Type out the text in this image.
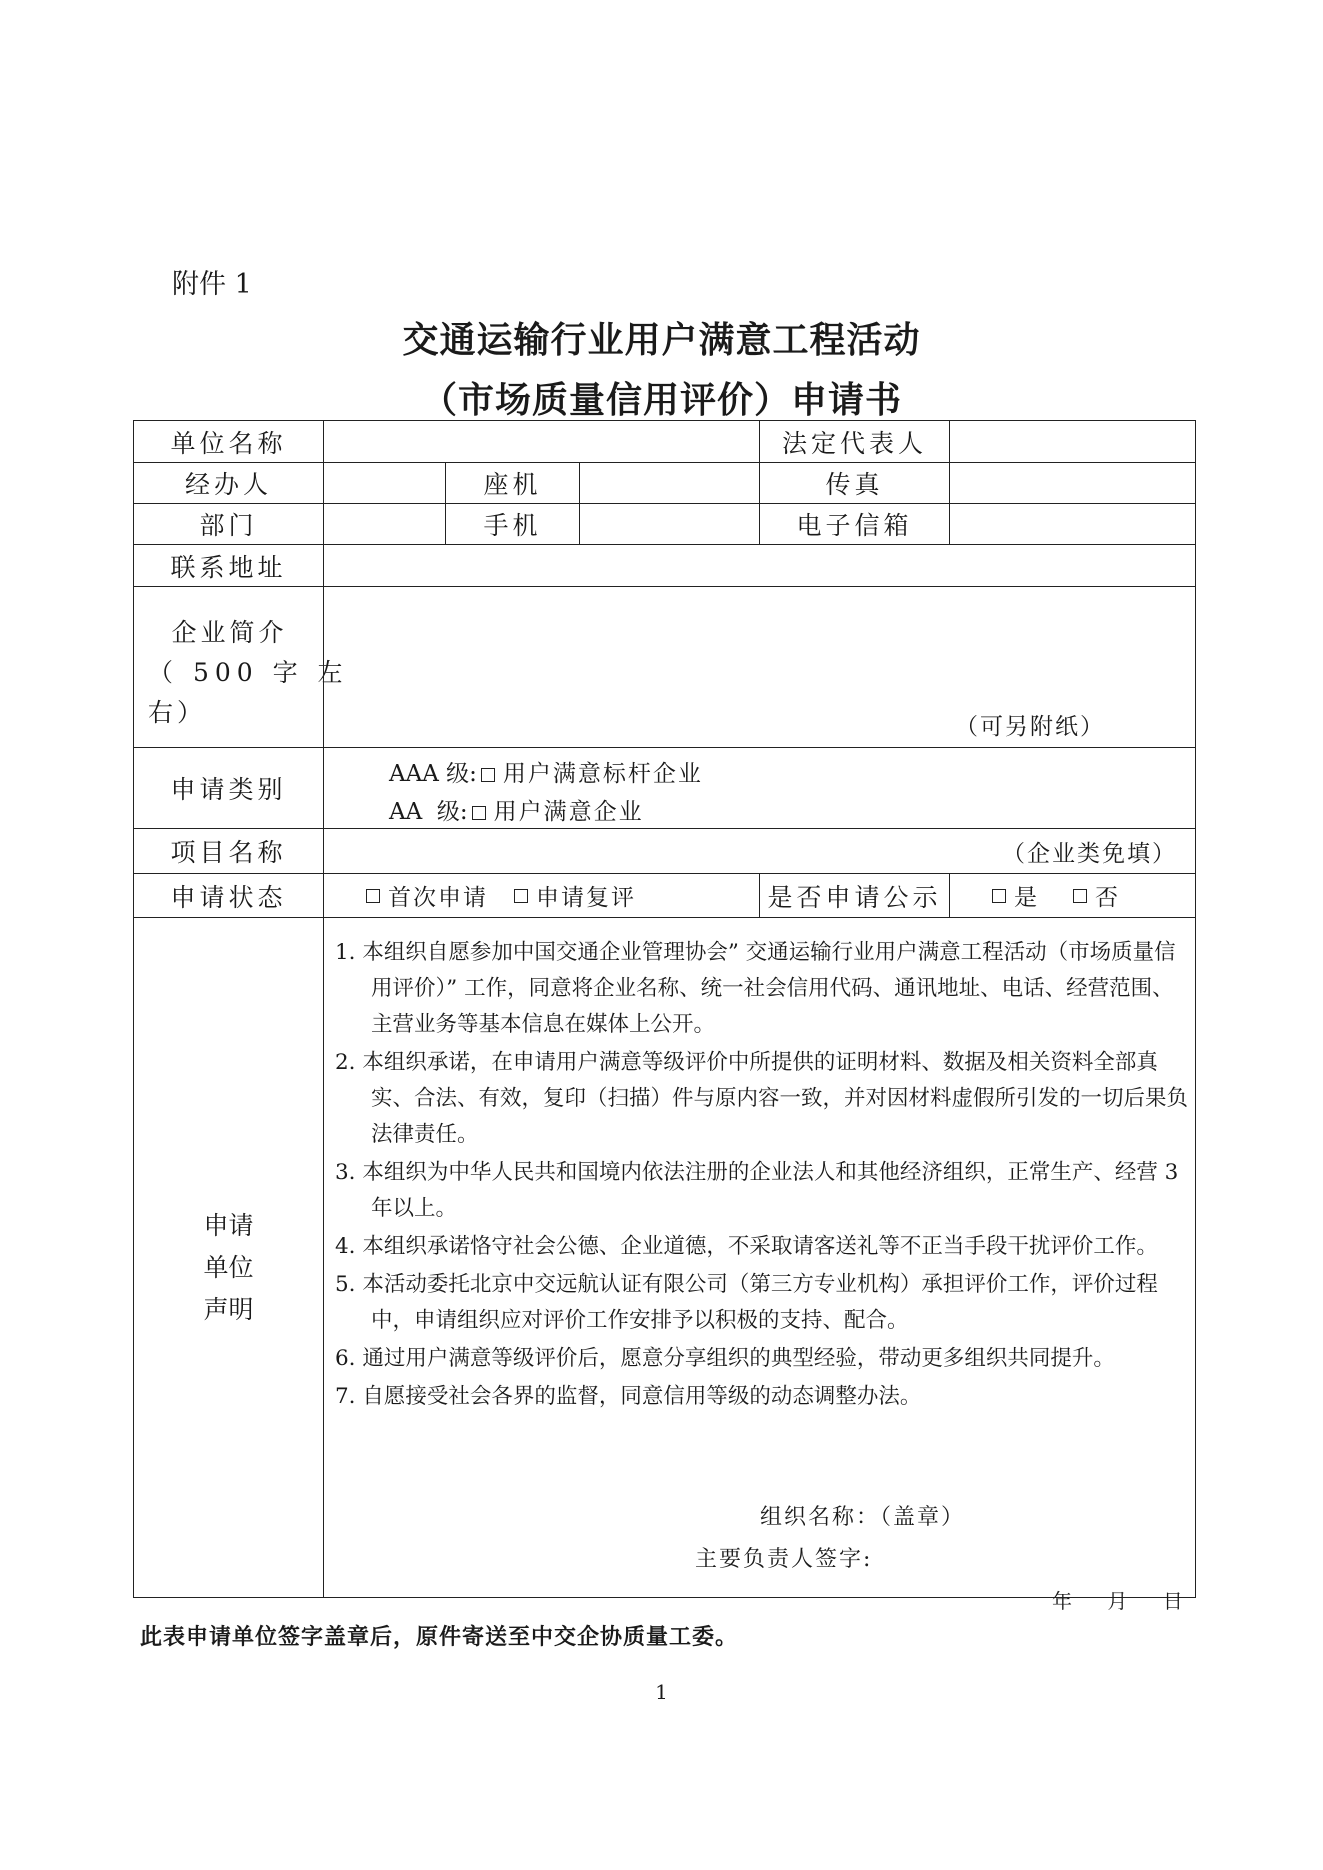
附件 1
交通运输行业用户满意工程活动
（市场质量信用评价）申请书
单位名称	法定代表人
经办人	座机	传真
部门	手机	电子信箱
联系地址
企业简介
（ 500 字 左
右）	（可另附纸）
申请类别
AAA 级: 用户满意标杆企业
AA  级: 用户满意企业
项目名称	（企业类免填）
申请状态	首次申请 申请复评	是否申请公示	是	否
申请
单位
声明
1. 本组织自愿参加中国交通企业管理协会” 交通运输行业用户满意工程活动（市场质量信用评价）” 工作，同意将企业名称、统一社会信用代码、通讯地址、电话、经营范围、主营业务等基本信息在媒体上公开。
2. 本组织承诺，在申请用户满意等级评价中所提供的证明材料、数据及相关资料全部真实、合法、有效，复印（扫描）件与原内容一致，并对因材料虚假所引发的一切后果负法律责任。
3. 本组织为中华人民共和国境内依法注册的企业法人和其他经济组织，正常生产、经营 3 年以上。
4. 本组织承诺恪守社会公德、企业道德，不采取请客送礼等不正当手段干扰评价工作。
5. 本活动委托北京中交远航认证有限公司（第三方专业机构）承担评价工作，评价过程中，申请组织应对评价工作安排予以积极的支持、配合。
6. 通过用户满意等级评价后，愿意分享组织的典型经验，带动更多组织共同提升。
7. 自愿接受社会各界的监督，同意信用等级的动态调整办法。
组织名称：（盖章）
主要负责人签字:
年    月    日
此表申请单位签字盖章后，原件寄送至中交企协质量工委。
1
